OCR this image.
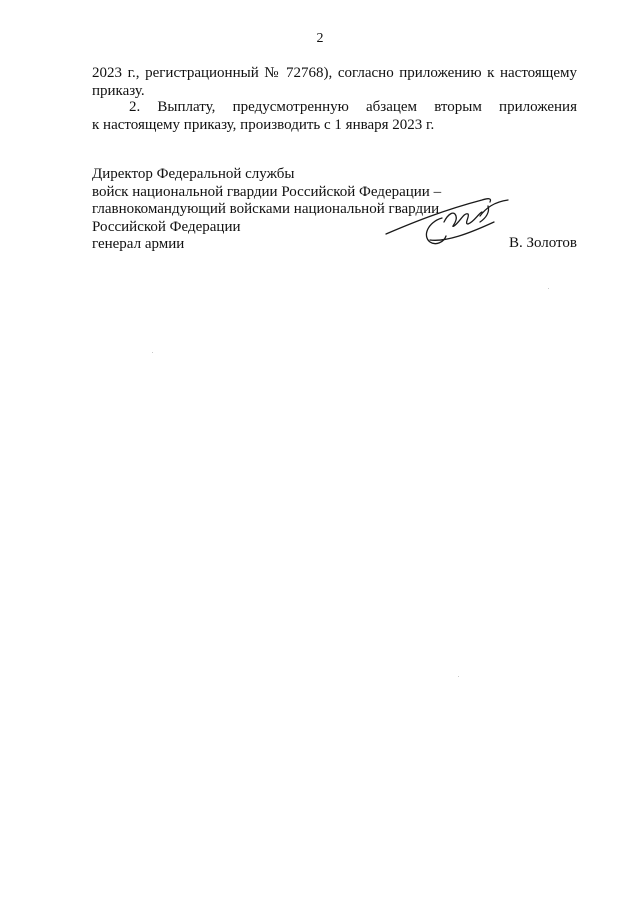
2
2023 г., регистрационный № 72768), согласно приложению к настоящему
приказу.
2. Выплату, предусмотренную абзацем вторым приложения
к настоящему приказу, производить с 1 января 2023 г.
Директор Федеральной службы
войск национальной гвардии Российской Федерации –
главнокомандующий войсками национальной гвардии
Российской Федерации
генерал армии	В. Золотов
